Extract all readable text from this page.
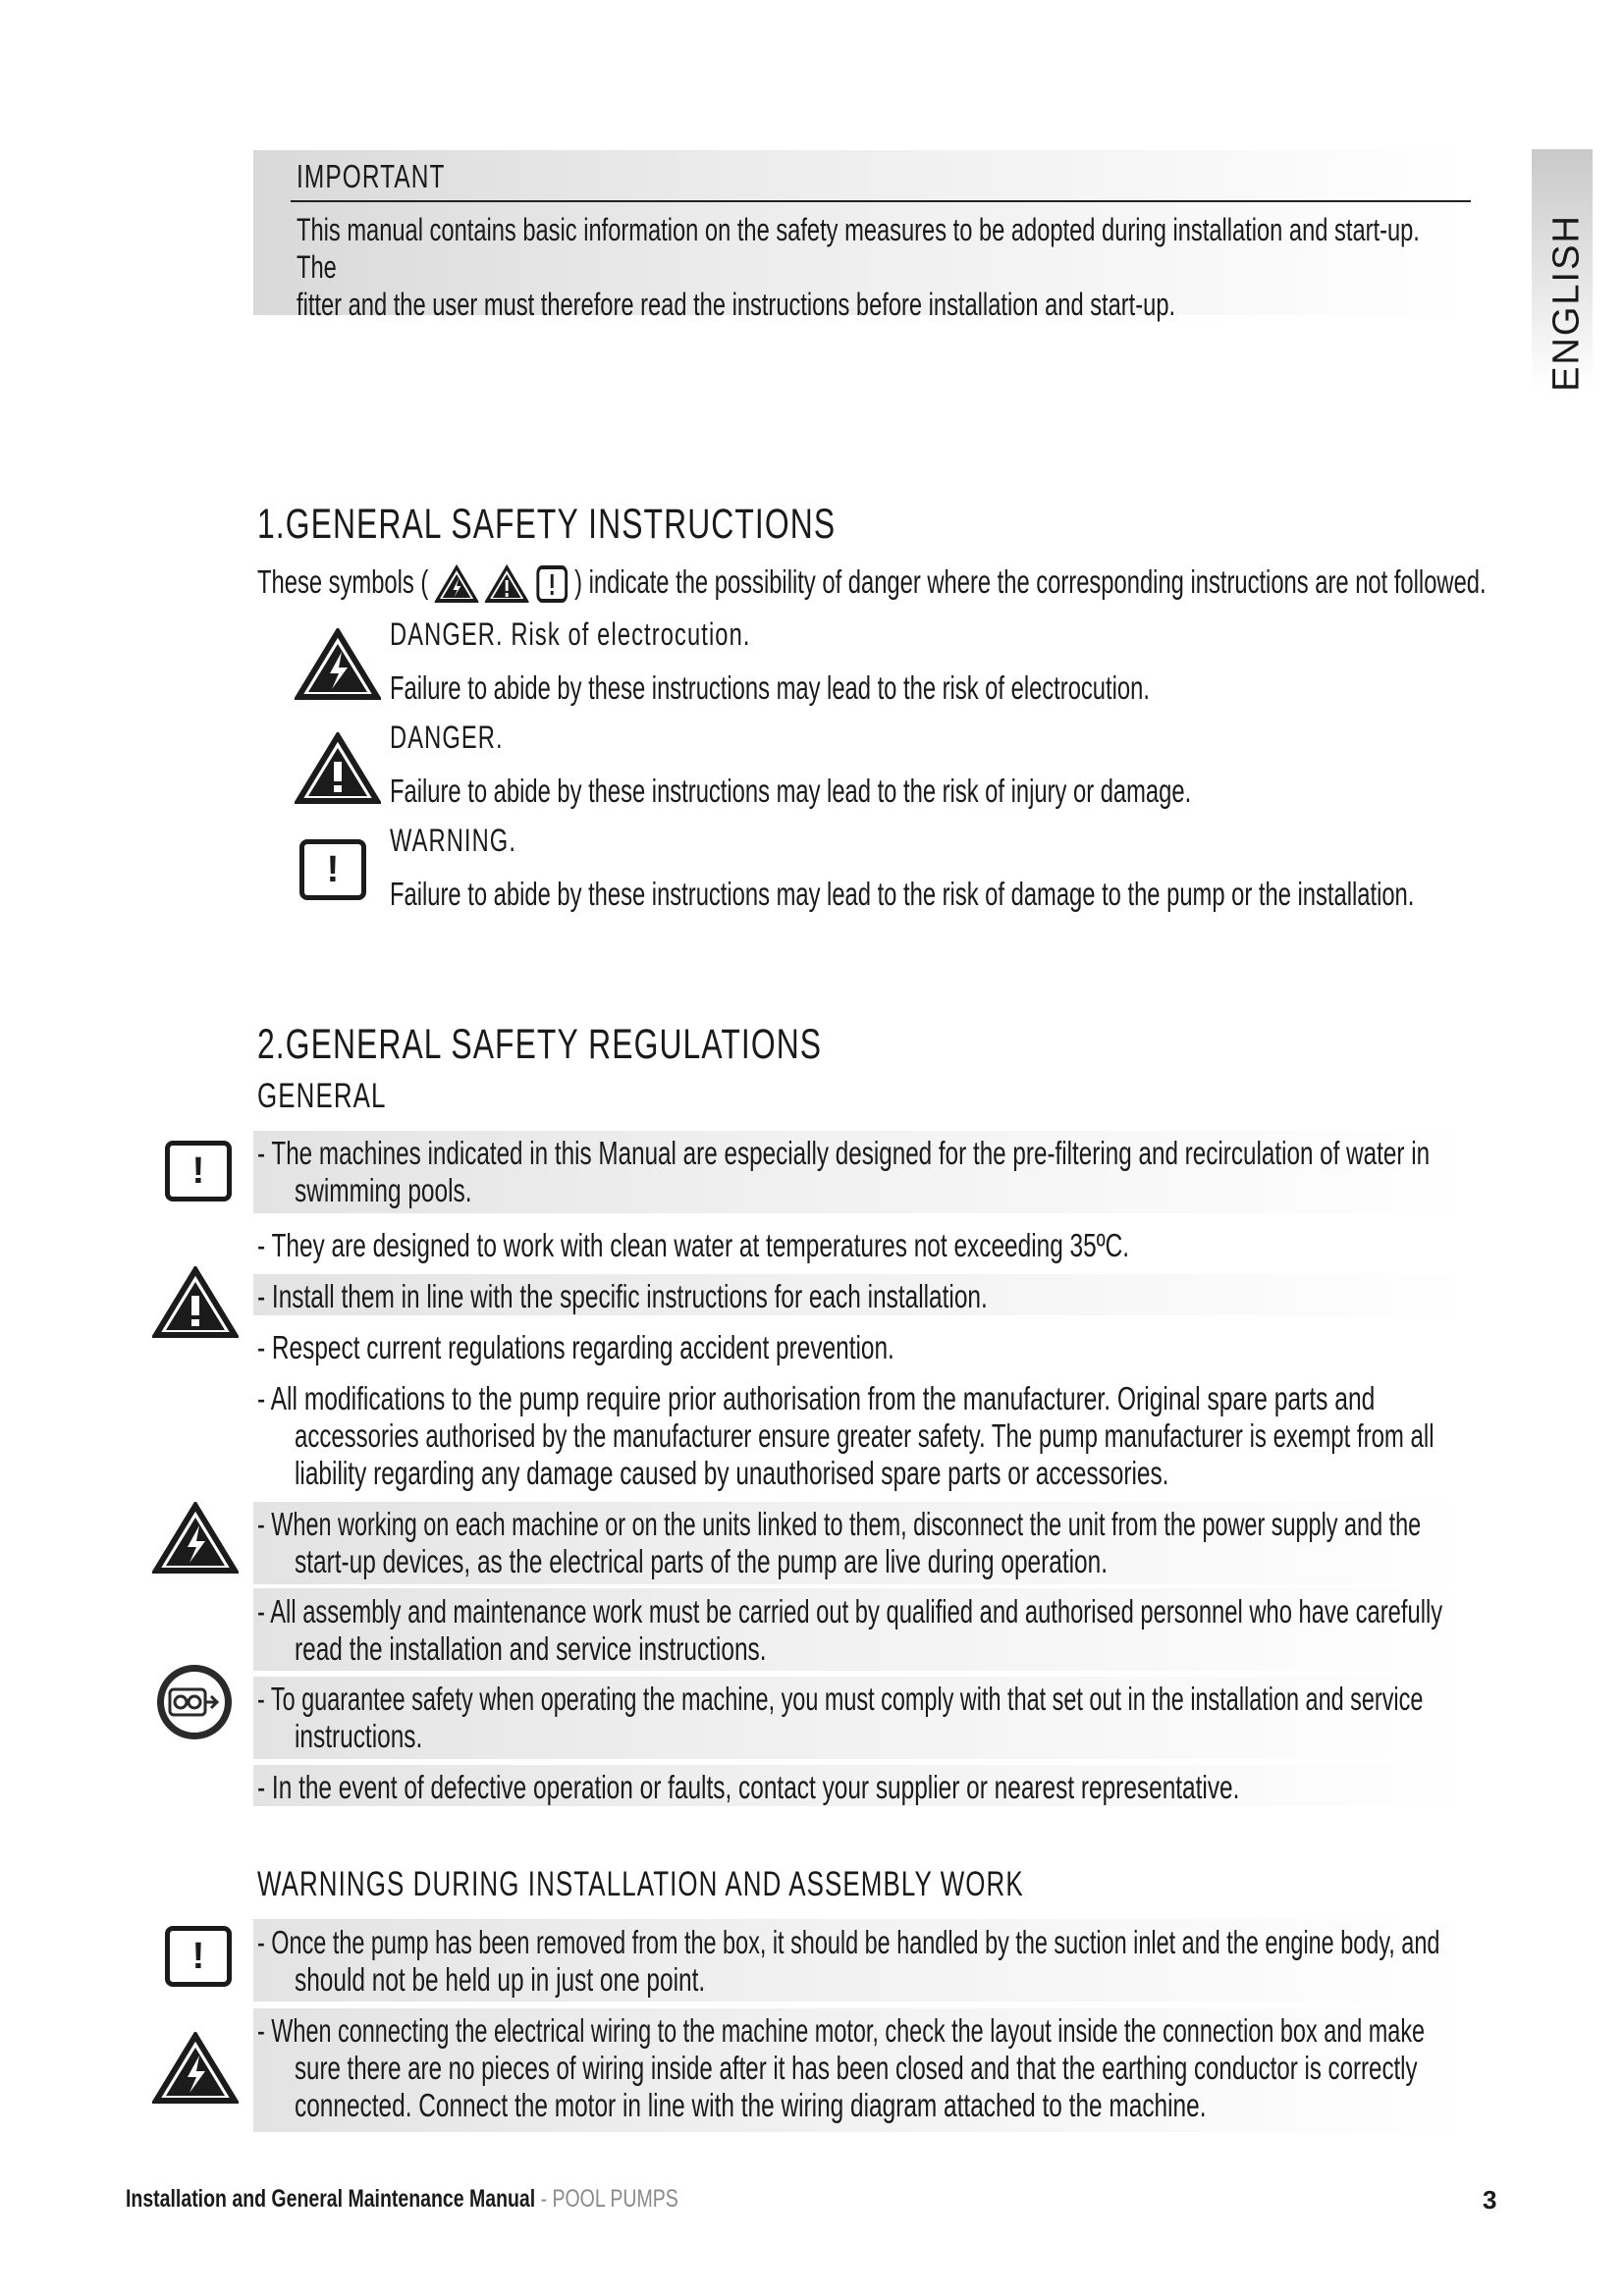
IMPORTANT
This manual contains basic information on the safety measures to be adopted during installation and start-up. The
fitter and the user must therefore read the instructions before installation and start-up.	ENGLISH
1.GENERAL SAFETY INSTRUCTIONS
These symbols (	) indicate the possibility of danger where the corresponding instructions are not followed.
DANGER. Risk of electrocution.
Failure to abide by these instructions may lead to the risk of electrocution.
DANGER.
Failure to abide by these instructions may lead to the risk of injury or damage.
!
WARNING.
Failure to abide by these instructions may lead to the risk of damage to the pump or the installation.
2.GENERAL SAFETY REGULATIONS
GENERAL
- The machines indicated in this Manual are especially designed for the pre-filtering and recirculation of water in
swimming pools.
- They are designed to work with clean water at temperatures not exceeding 35ºC.
- Install them in line with the specific instructions for each installation.
- Respect current regulations regarding accident prevention.
- All modifications to the pump require prior authorisation from the manufacturer. Original spare parts and
accessories authorised by the manufacturer ensure greater safety. The pump manufacturer is exempt from all
liability regarding any damage caused by unauthorised spare parts or accessories.
- When working on each machine or on the units linked to them, disconnect the unit from the power supply and the
start-up devices, as the electrical parts of the pump are live during operation.
- All assembly and maintenance work must be carried out by qualified and authorised personnel who have carefully
read the installation and service instructions.
- To guarantee safety when operating the machine, you must comply with that set out in the installation and service
instructions.
- In the event of defective operation or faults, contact your supplier or nearest representative.
!
WARNINGS DURING INSTALLATION AND ASSEMBLY WORK
- Once the pump has been removed from the box, it should be handled by the suction inlet and the engine body, and
should not be held up in just one point.
- When connecting the electrical wiring to the machine motor, check the layout inside the connection box and make
sure there are no pieces of wiring inside after it has been closed and that the earthing conductor is correctly
connected. Connect the motor in line with the wiring diagram attached to the machine.
!
Installation and General Maintenance Manual - POOL PUMPS	3
